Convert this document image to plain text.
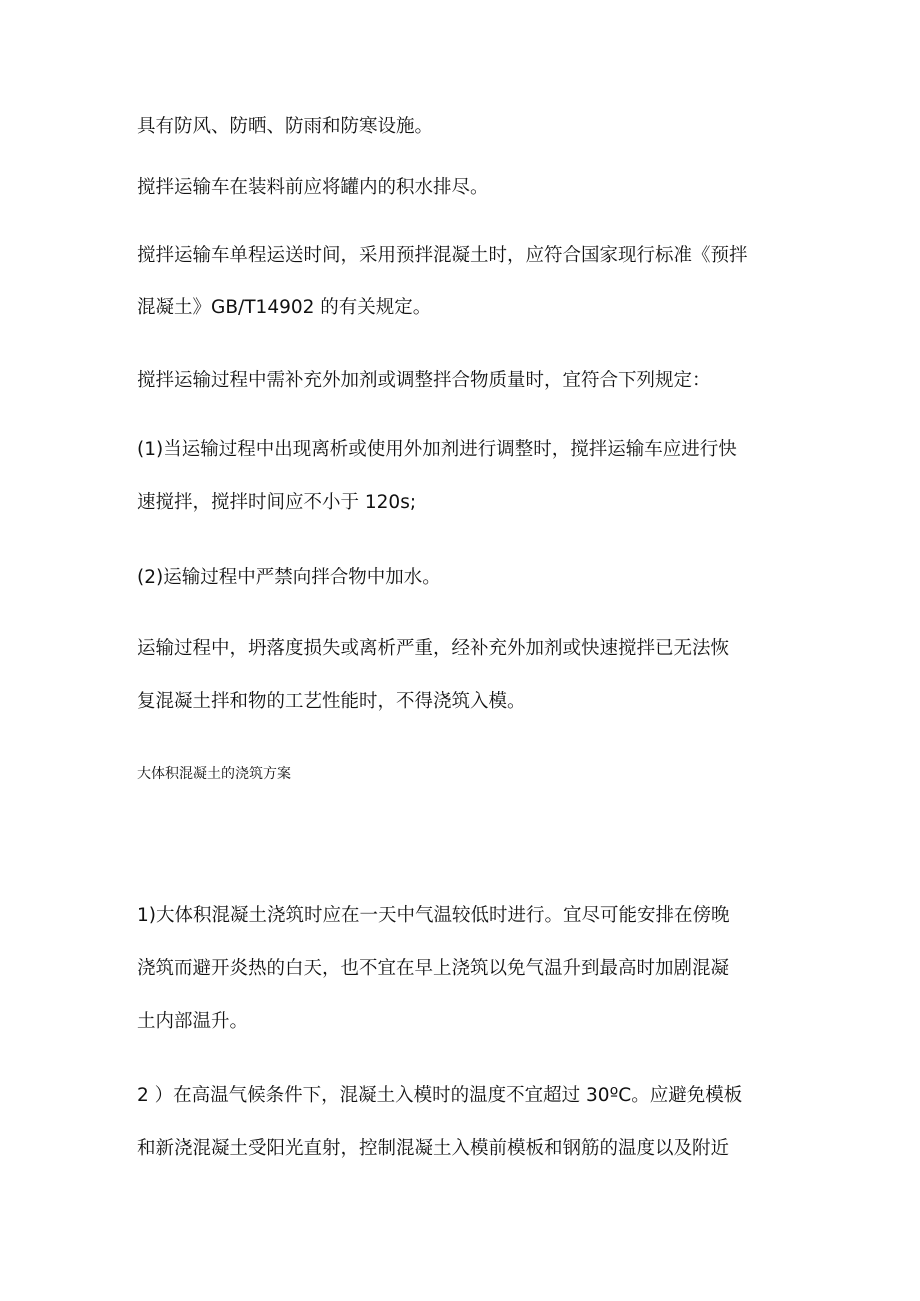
具有防风、防晒、防雨和防寒设施。
搅拌运输车在装料前应将罐内的积水排尽。
搅拌运输车单程运送时间，采用预拌混凝土时，应符合国家现行标准《预拌
混凝土》GB/T14902 的有关规定。
搅拌运输过程中需补充外加剂或调整拌合物质量时，宜符合下列规定：
(1)当运输过程中出现离析或使用外加剂进行调整时，搅拌运输车应进行快
速搅拌，搅拌时间应不小于 120s;
(2)运输过程中严禁向拌合物中加水。
运输过程中，坍落度损失或离析严重，经补充外加剂或快速搅拌已无法恢
复混凝土拌和物的工艺性能时，不得浇筑入模。
大体积混凝土的浇筑方案
1)大体积混凝土浇筑时应在一天中气温较低时进行。宜尽可能安排在傍晚
浇筑而避开炎热的白天，也不宜在早上浇筑以免气温升到最高时加剧混凝
土内部温升。
2 ）在高温气候条件下，混凝土入模时的温度不宜超过 30ºC。应避免模板
和新浇混凝土受阳光直射，控制混凝土入模前模板和钢筋的温度以及附近
